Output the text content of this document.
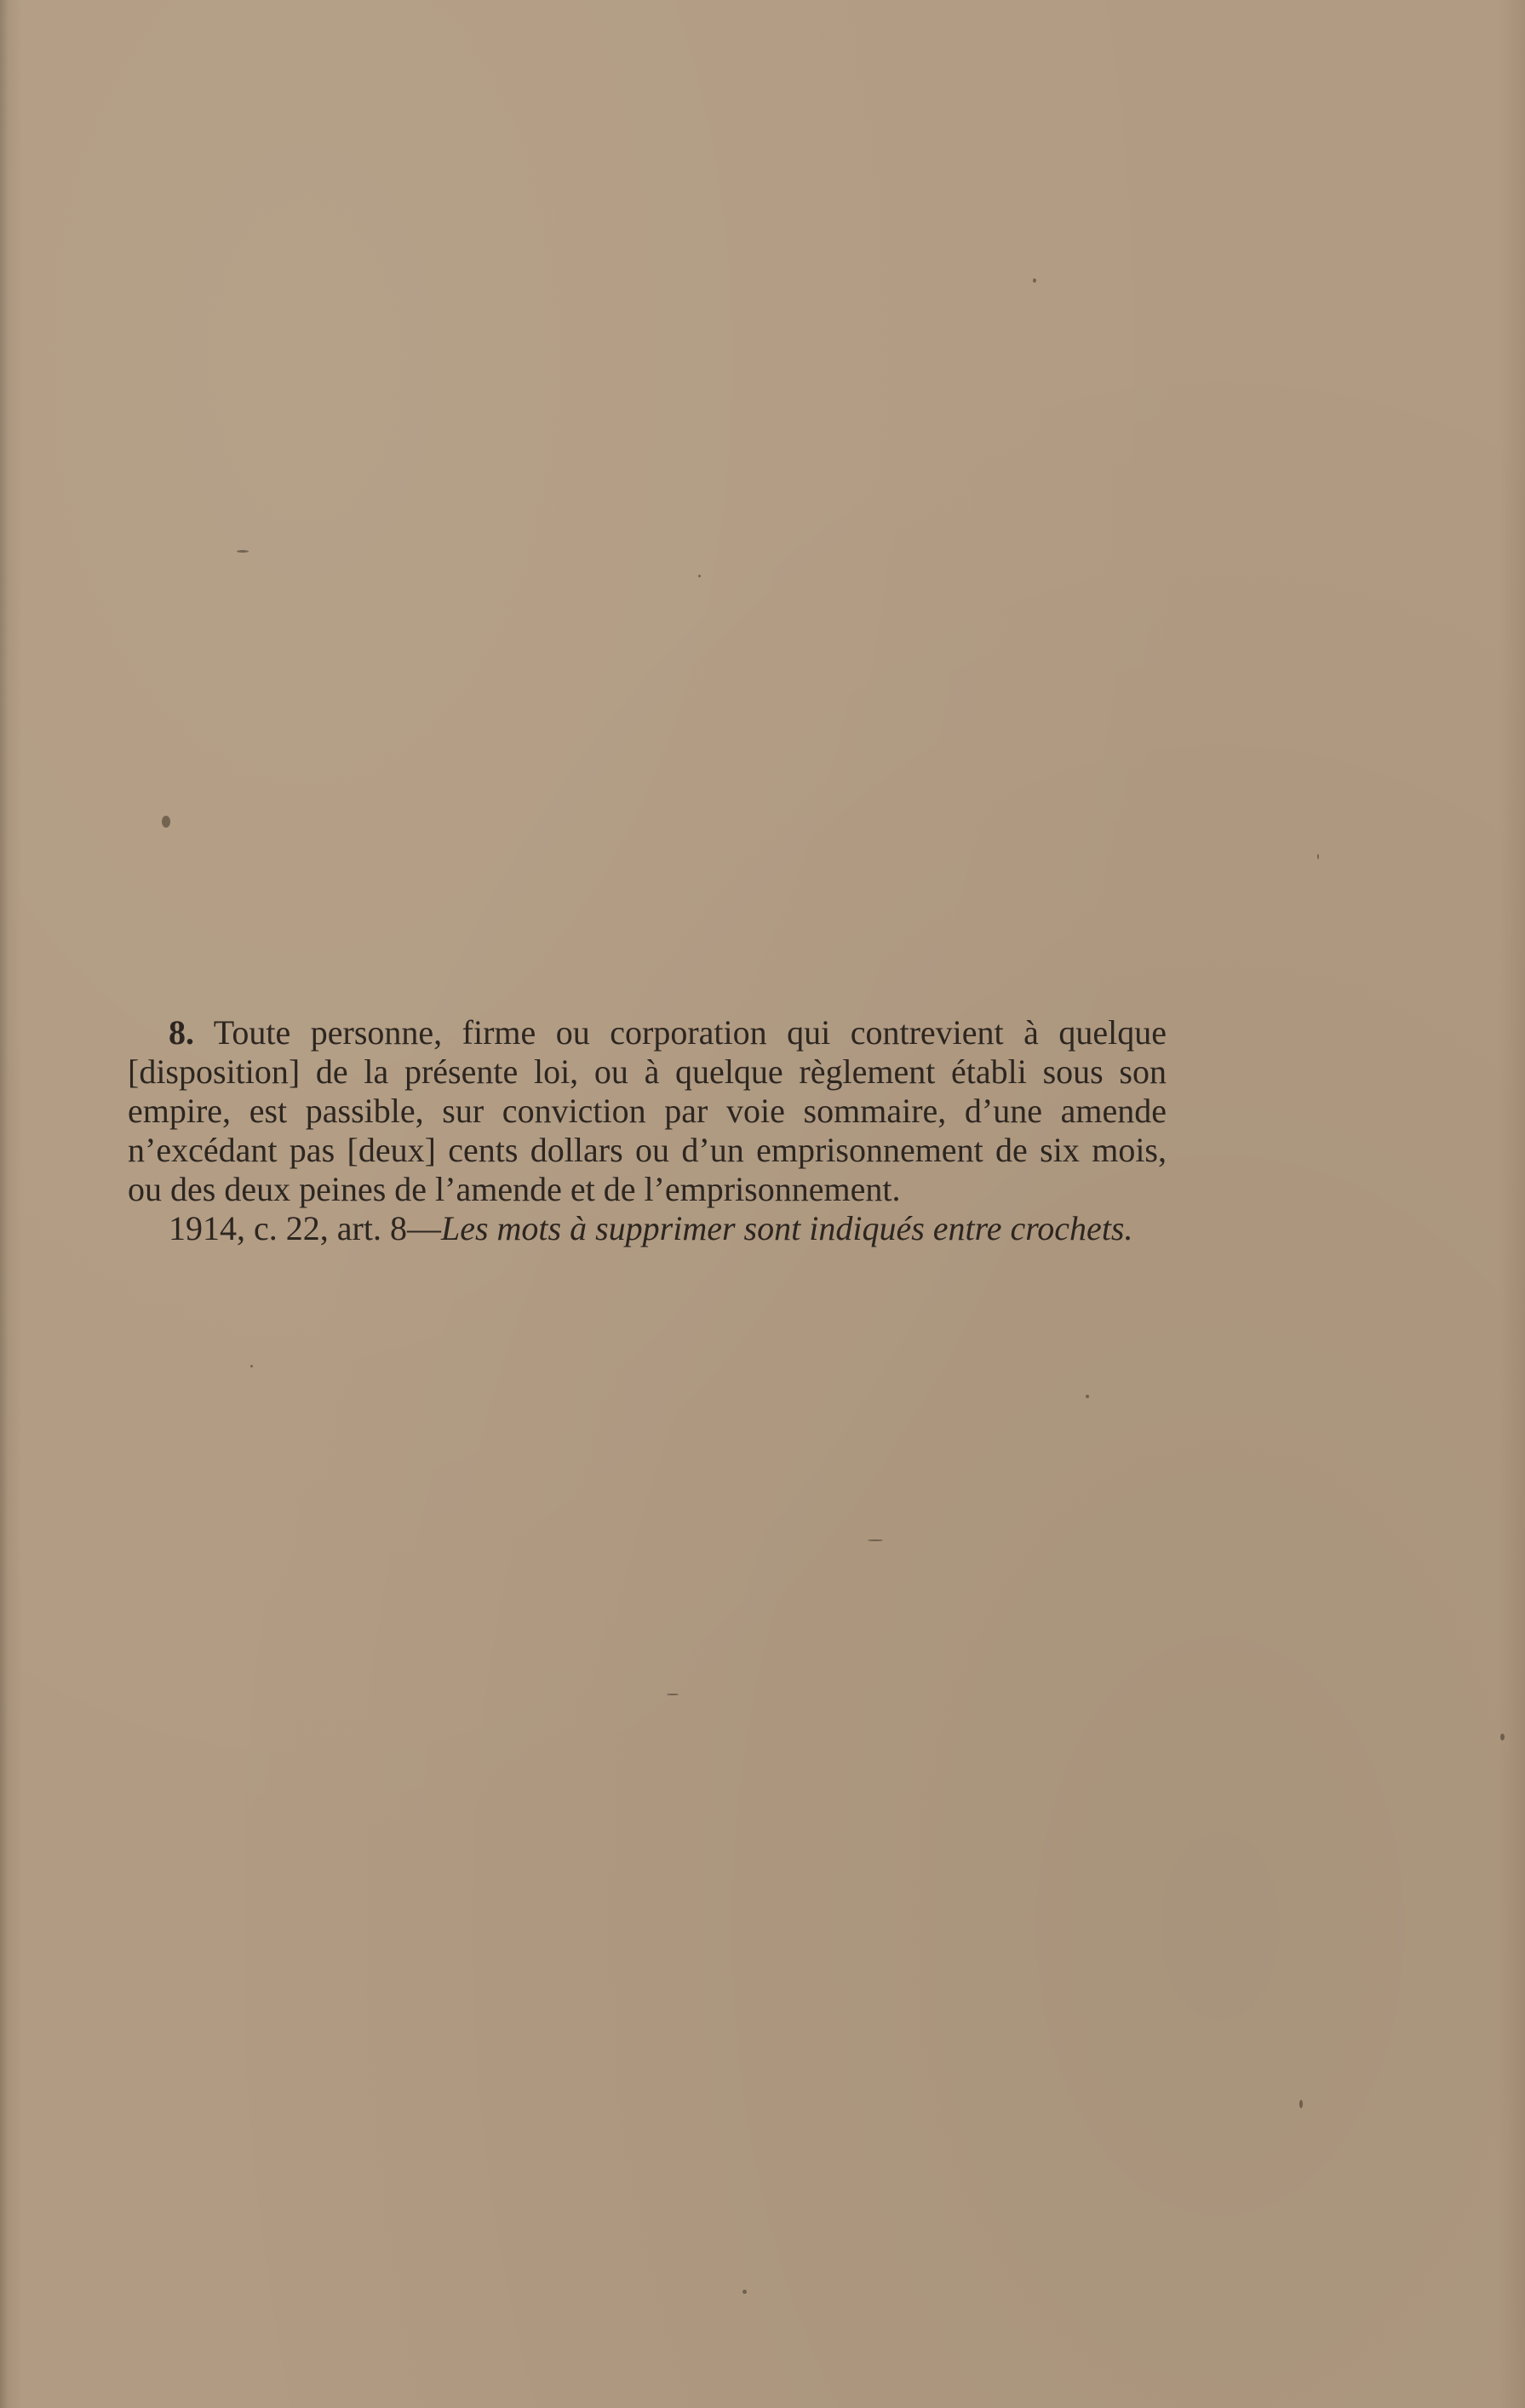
8. Toute personne, firme ou corporation qui contrevient à quelque [disposition] de la présente loi, ou à quelque règlement établi sous son empire, est passible, sur conviction par voie sommaire, d’une amende n’excédant pas [deux] cents dollars ou d’un emprisonnement de six mois, ou des deux peines de l’amende et de l’emprisonnement.

1914, c. 22, art. 8—Les mots à supprimer sont indiqués entre crochets.
